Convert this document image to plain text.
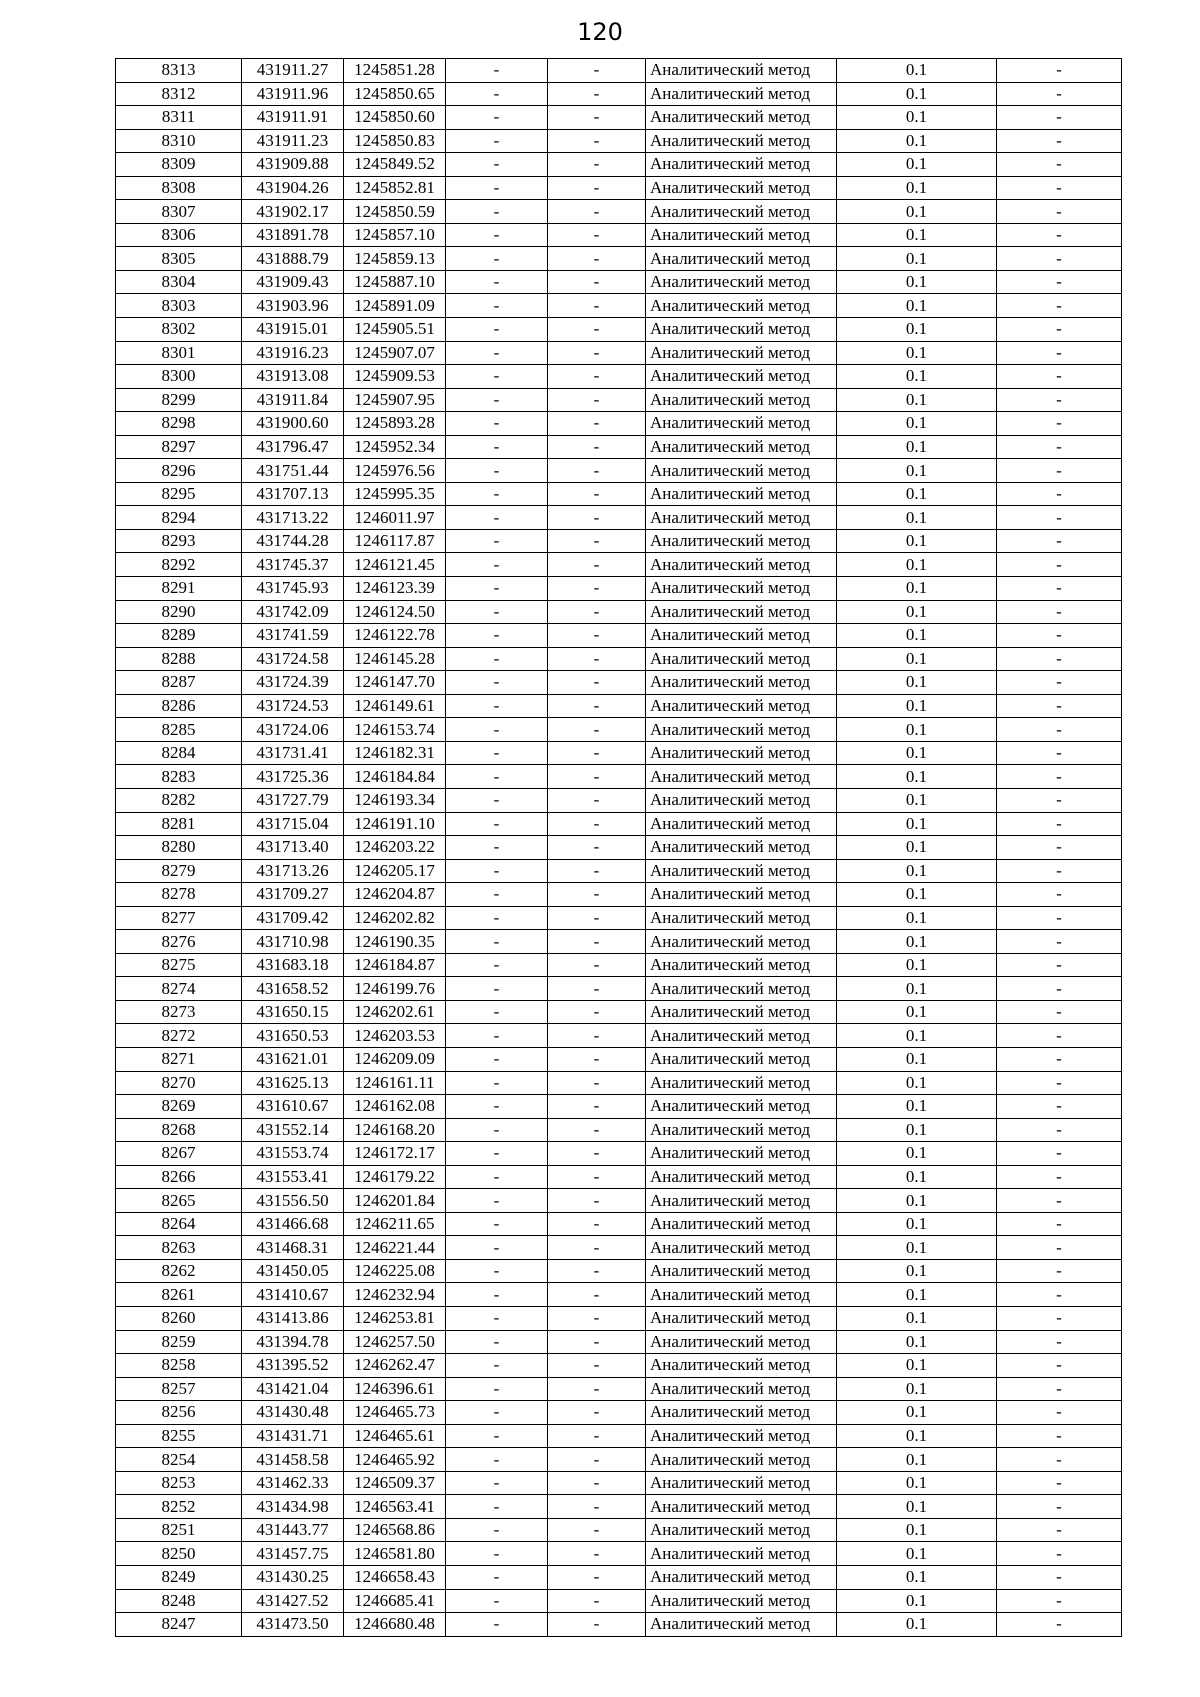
120
8313	431911.27	1245851.28	-	-	Аналитический метод	0.1	-
8312	431911.96	1245850.65	-	-	Аналитический метод	0.1	-
8311	431911.91	1245850.60	-	-	Аналитический метод	0.1	-
8310	431911.23	1245850.83	-	-	Аналитический метод	0.1	-
8309	431909.88	1245849.52	-	-	Аналитический метод	0.1	-
8308	431904.26	1245852.81	-	-	Аналитический метод	0.1	-
8307	431902.17	1245850.59	-	-	Аналитический метод	0.1	-
8306	431891.78	1245857.10	-	-	Аналитический метод	0.1	-
8305	431888.79	1245859.13	-	-	Аналитический метод	0.1	-
8304	431909.43	1245887.10	-	-	Аналитический метод	0.1	-
8303	431903.96	1245891.09	-	-	Аналитический метод	0.1	-
8302	431915.01	1245905.51	-	-	Аналитический метод	0.1	-
8301	431916.23	1245907.07	-	-	Аналитический метод	0.1	-
8300	431913.08	1245909.53	-	-	Аналитический метод	0.1	-
8299	431911.84	1245907.95	-	-	Аналитический метод	0.1	-
8298	431900.60	1245893.28	-	-	Аналитический метод	0.1	-
8297	431796.47	1245952.34	-	-	Аналитический метод	0.1	-
8296	431751.44	1245976.56	-	-	Аналитический метод	0.1	-
8295	431707.13	1245995.35	-	-	Аналитический метод	0.1	-
8294	431713.22	1246011.97	-	-	Аналитический метод	0.1	-
8293	431744.28	1246117.87	-	-	Аналитический метод	0.1	-
8292	431745.37	1246121.45	-	-	Аналитический метод	0.1	-
8291	431745.93	1246123.39	-	-	Аналитический метод	0.1	-
8290	431742.09	1246124.50	-	-	Аналитический метод	0.1	-
8289	431741.59	1246122.78	-	-	Аналитический метод	0.1	-
8288	431724.58	1246145.28	-	-	Аналитический метод	0.1	-
8287	431724.39	1246147.70	-	-	Аналитический метод	0.1	-
8286	431724.53	1246149.61	-	-	Аналитический метод	0.1	-
8285	431724.06	1246153.74	-	-	Аналитический метод	0.1	-
8284	431731.41	1246182.31	-	-	Аналитический метод	0.1	-
8283	431725.36	1246184.84	-	-	Аналитический метод	0.1	-
8282	431727.79	1246193.34	-	-	Аналитический метод	0.1	-
8281	431715.04	1246191.10	-	-	Аналитический метод	0.1	-
8280	431713.40	1246203.22	-	-	Аналитический метод	0.1	-
8279	431713.26	1246205.17	-	-	Аналитический метод	0.1	-
8278	431709.27	1246204.87	-	-	Аналитический метод	0.1	-
8277	431709.42	1246202.82	-	-	Аналитический метод	0.1	-
8276	431710.98	1246190.35	-	-	Аналитический метод	0.1	-
8275	431683.18	1246184.87	-	-	Аналитический метод	0.1	-
8274	431658.52	1246199.76	-	-	Аналитический метод	0.1	-
8273	431650.15	1246202.61	-	-	Аналитический метод	0.1	-
8272	431650.53	1246203.53	-	-	Аналитический метод	0.1	-
8271	431621.01	1246209.09	-	-	Аналитический метод	0.1	-
8270	431625.13	1246161.11	-	-	Аналитический метод	0.1	-
8269	431610.67	1246162.08	-	-	Аналитический метод	0.1	-
8268	431552.14	1246168.20	-	-	Аналитический метод	0.1	-
8267	431553.74	1246172.17	-	-	Аналитический метод	0.1	-
8266	431553.41	1246179.22	-	-	Аналитический метод	0.1	-
8265	431556.50	1246201.84	-	-	Аналитический метод	0.1	-
8264	431466.68	1246211.65	-	-	Аналитический метод	0.1	-
8263	431468.31	1246221.44	-	-	Аналитический метод	0.1	-
8262	431450.05	1246225.08	-	-	Аналитический метод	0.1	-
8261	431410.67	1246232.94	-	-	Аналитический метод	0.1	-
8260	431413.86	1246253.81	-	-	Аналитический метод	0.1	-
8259	431394.78	1246257.50	-	-	Аналитический метод	0.1	-
8258	431395.52	1246262.47	-	-	Аналитический метод	0.1	-
8257	431421.04	1246396.61	-	-	Аналитический метод	0.1	-
8256	431430.48	1246465.73	-	-	Аналитический метод	0.1	-
8255	431431.71	1246465.61	-	-	Аналитический метод	0.1	-
8254	431458.58	1246465.92	-	-	Аналитический метод	0.1	-
8253	431462.33	1246509.37	-	-	Аналитический метод	0.1	-
8252	431434.98	1246563.41	-	-	Аналитический метод	0.1	-
8251	431443.77	1246568.86	-	-	Аналитический метод	0.1	-
8250	431457.75	1246581.80	-	-	Аналитический метод	0.1	-
8249	431430.25	1246658.43	-	-	Аналитический метод	0.1	-
8248	431427.52	1246685.41	-	-	Аналитический метод	0.1	-
8247	431473.50	1246680.48	-	-	Аналитический метод	0.1	-
